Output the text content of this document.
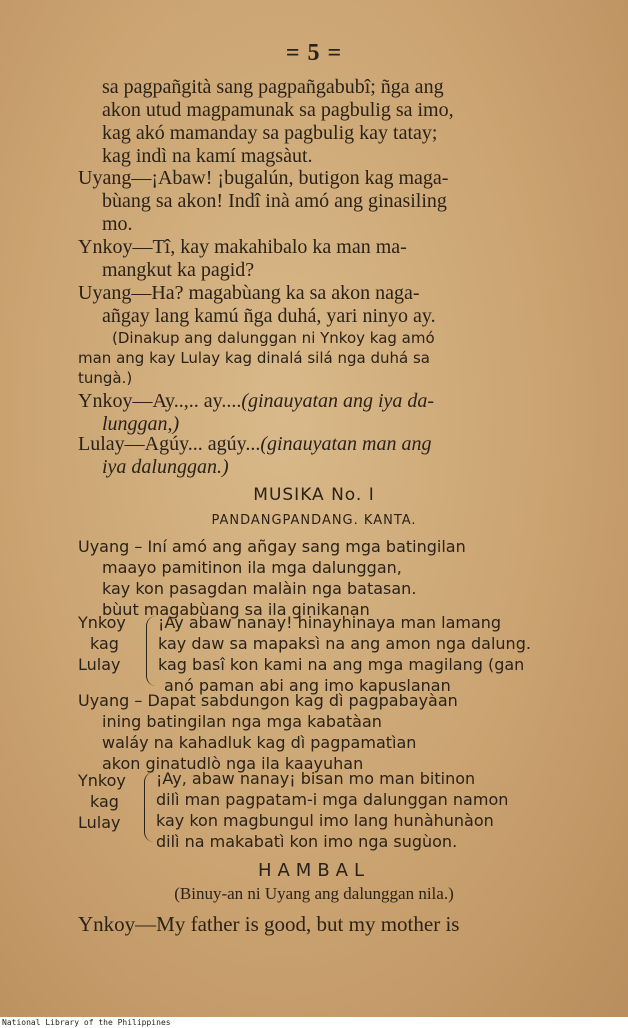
= 5 =
sa pagpañgità sang pagpañgabubî; ñga ang
akon utud magpamunak sa pagbulig sa imo,
kag akó mamanday sa pagbulig kay tatay;
kag indì na kamí magsàut.
Uyang—¡Abaw! ¡bugalún, butigon kag maga-
bùang sa akon! Indî inà amó ang ginasiling
mo.
Ynkoy—Tî, kay makahibalo ka man ma-
mangkut ka pagid?
Uyang—Ha? magabùang ka sa akon naga-
añgay lang kamú ñga duhá, yari ninyo ay.
(Dinakup ang dalunggan ni Ynkoy kag amó
man ang kay Lulay kag dinalá silá nga duhá sa
tungà.)
Ynkoy—Ay..,.. ay....(ginauyatan ang iya da-
lunggan,)
Lulay—Agúy... agúy...(ginauyatan man ang
iya dalunggan.)
MUSIKA No. I
PANDANGPANDANG. KANTA.
Uyang – Iní amó ang añgay sang mga batingilan
maayo pamitinon ila mga dalunggan,
kay kon pasagdan malàin nga batasan.
bùut magabùang sa ila ginikanan
Ynkoy
kag
Lulay
¡Ay abaw nanay! hinayhinaya man lamang
kay daw sa mapaksì na ang amon nga dalung.
kag basî kon kami na ang mga magilang (gan
anó paman abi ang imo kapuslanan
Uyang – Dapat sabdungon kag dì pagpabayàan
ining batingilan nga mga kabatàan
waláy na kahadluk kag dì pagpamatìan
akon ginatudlò nga ila kaayuhan
Ynkoy
kag
Lulay
¡Ay, abaw nanay¡ bisan mo man bitinon
dilì man pagpatam-i mga dalunggan namon
kay kon magbungul imo lang hunàhunàon
dilì na makabatì kon imo nga sugùon.
HAMBAL
(Binuy-an ni Uyang ang dalunggan nila.)
Ynkoy—My father is good, but my mother is
National Library of the Philippines
